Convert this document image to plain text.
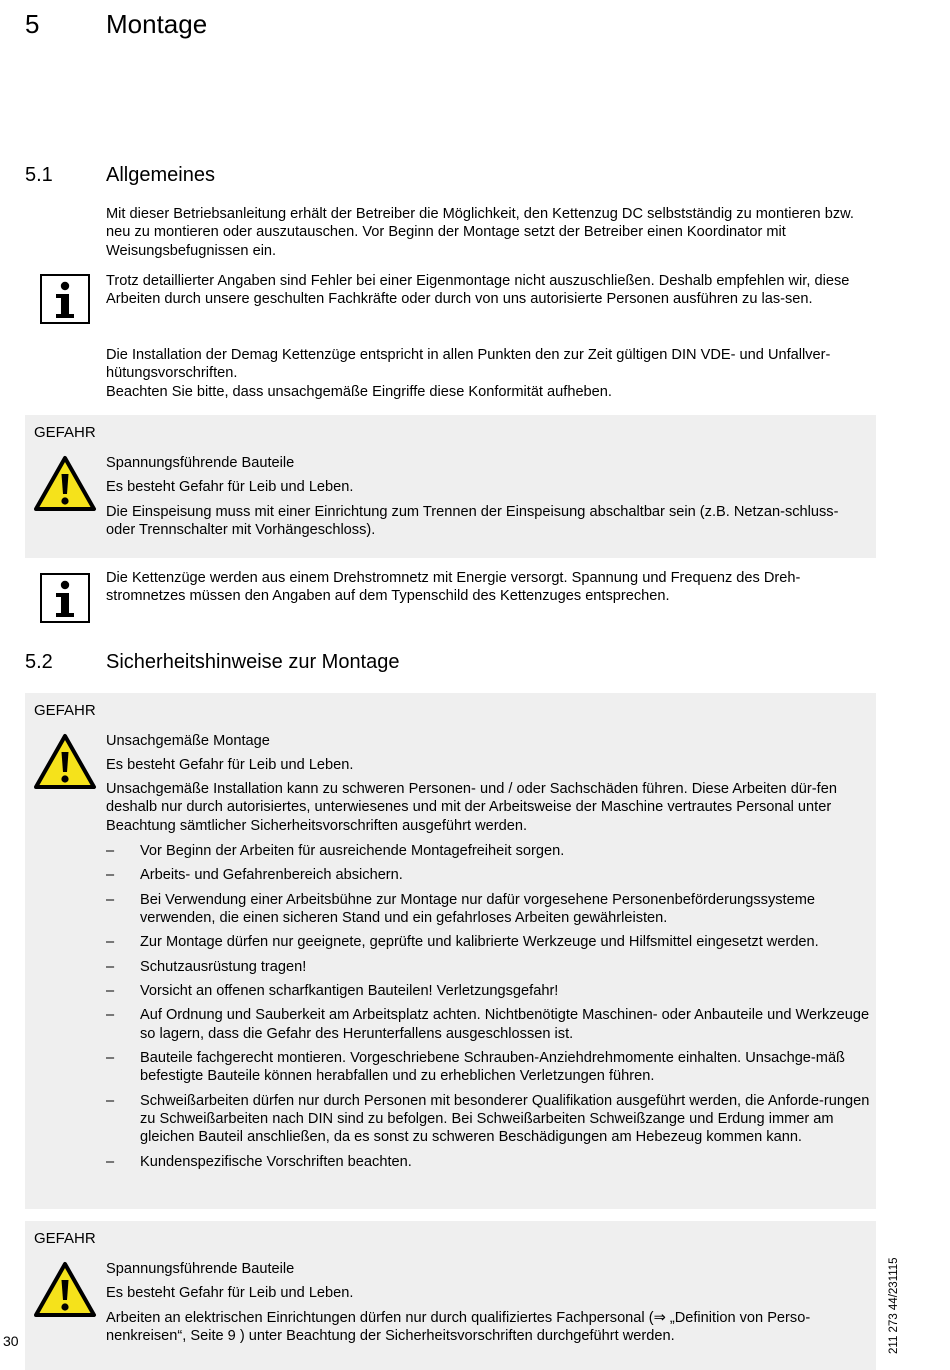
5	Montage
5.1	Allgemeines
Mit dieser Betriebsanleitung erhält der Betreiber die Möglichkeit, den Kettenzug DC selbstständig zu montieren bzw. neu zu montieren oder auszutauschen. Vor Beginn der Montage setzt der Betreiber einen Koordinator mit Weisungsbefugnissen ein.
Trotz detaillierter Angaben sind Fehler bei einer Eigenmontage nicht auszuschließen. Deshalb empfehlen wir, diese Arbeiten durch unsere geschulten Fachkräfte oder durch von uns autorisierte Personen ausführen zu las-sen.
Die Installation der Demag Kettenzüge entspricht in allen Punkten den zur Zeit gültigen DIN VDE- und Unfallver-hütungsvorschriften.
Beachten Sie bitte, dass unsachgemäße Eingriffe diese Konformität aufheben.
GEFAHR
Spannungsführende Bauteile
Es besteht Gefahr für Leib und Leben.
Die Einspeisung muss mit einer Einrichtung zum Trennen der Einspeisung abschaltbar sein (z.B. Netzan-schluss- oder Trennschalter mit Vorhängeschloss).
Die Kettenzüge werden aus einem Drehstromnetz mit Energie versorgt. Spannung und Frequenz des Dreh-stromnetzes müssen den Angaben auf dem Typenschild des Kettenzuges entsprechen.
5.2	Sicherheitshinweise zur Montage
GEFAHR
Unsachgemäße Montage
Es besteht Gefahr für Leib und Leben.
Unsachgemäße Installation kann zu schweren Personen- und / oder Sachschäden führen. Diese Arbeiten dür-fen deshalb nur durch autorisiertes, unterwiesenes und mit der Arbeitsweise der Maschine vertrautes Personal unter Beachtung sämtlicher Sicherheitsvorschriften ausgeführt werden.
– Vor Beginn der Arbeiten für ausreichende Montagefreiheit sorgen.
– Arbeits- und Gefahrenbereich absichern.
– Bei Verwendung einer Arbeitsbühne zur Montage nur dafür vorgesehene Personenbeförderungssysteme verwenden, die einen sicheren Stand und ein gefahrloses Arbeiten gewährleisten.
– Zur Montage dürfen nur geeignete, geprüfte und kalibrierte Werkzeuge und Hilfsmittel eingesetzt werden.
– Schutzausrüstung tragen!
– Vorsicht an offenen scharfkantigen Bauteilen! Verletzungsgefahr!
– Auf Ordnung und Sauberkeit am Arbeitsplatz achten. Nichtbenötigte Maschinen- oder Anbauteile und Werkzeuge so lagern, dass die Gefahr des Herunterfallens ausgeschlossen ist.
– Bauteile fachgerecht montieren. Vorgeschriebene Schrauben-Anziehdrehmomente einhalten. Unsachge-mäß befestigte Bauteile können herabfallen und zu erheblichen Verletzungen führen.
– Schweißarbeiten dürfen nur durch Personen mit besonderer Qualifikation ausgeführt werden, die Anforde-rungen zu Schweißarbeiten nach DIN sind zu befolgen. Bei Schweißarbeiten Schweißzange und Erdung immer am gleichen Bauteil anschließen, da es sonst zu schweren Beschädigungen am Hebezeug kommen kann.
– Kundenspezifische Vorschriften beachten.
GEFAHR
Spannungsführende Bauteile
Es besteht Gefahr für Leib und Leben.
Arbeiten an elektrischen Einrichtungen dürfen nur durch qualifiziertes Fachpersonal (⇒ „Definition von Perso-nenkreisen“, Seite 9 ) unter Beachtung der Sicherheitsvorschriften durchgeführt werden.
30	211 273 44/231115
